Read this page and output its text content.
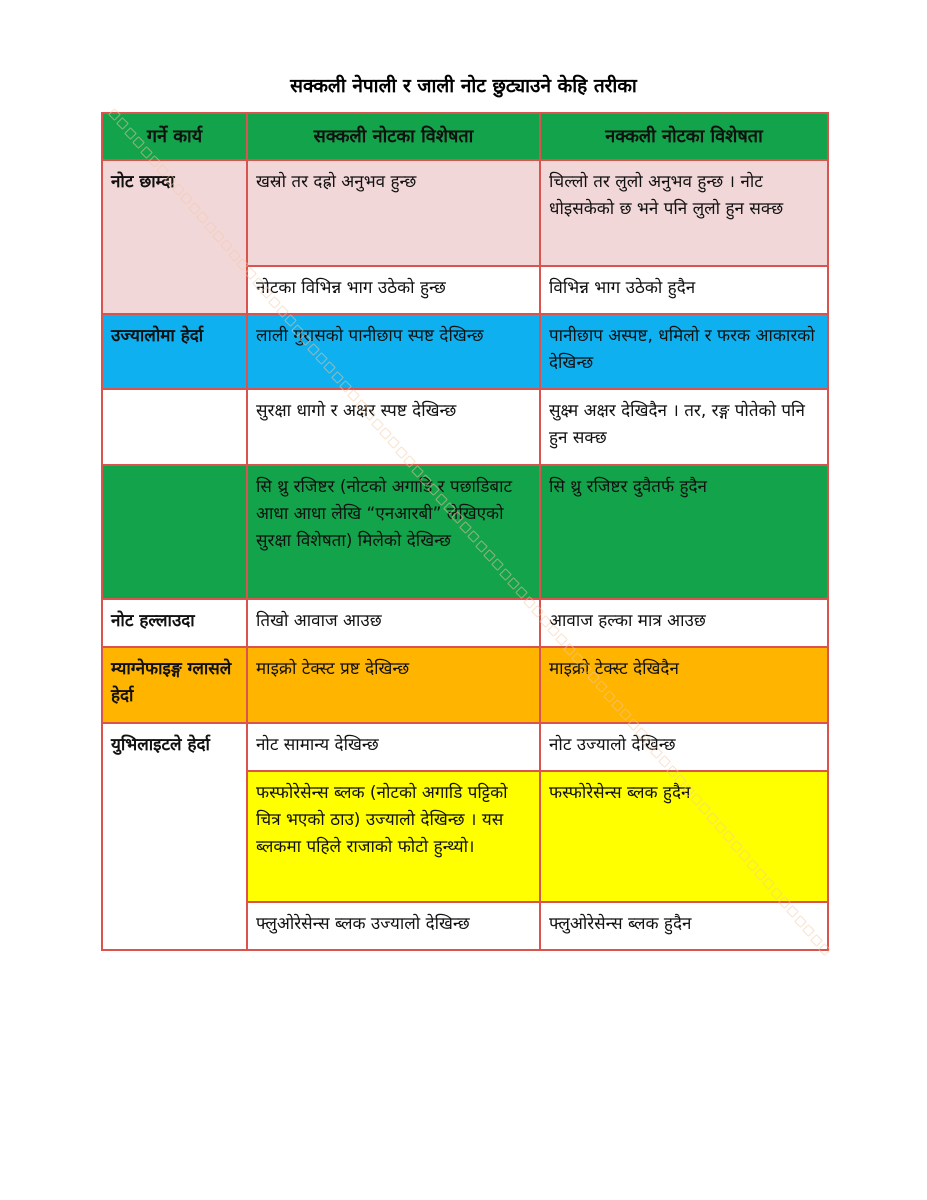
सक्कली नेपाली र जाली नोट छुट्याउने केहि तरीका
गर्ने कार्य	सक्कली नोटका विशेषता	नक्कली नोटका विशेषता
नोट छाम्दा	खस्रो तर दह्रो अनुभव हुन्छ	चिल्लो तर लुलो अनुभव हुन्छ । नोट धोइसकेको छ भने पनि लुलो हुन सक्छ
	नोटका विभिन्न भाग उठेको हुन्छ	विभिन्न भाग उठेको हुदैन
उज्यालोमा हेर्दा	लाली गुरासको पानीछाप स्पष्ट देखिन्छ	पानीछाप अस्पष्ट, धमिलो र फरक आकारको देखिन्छ
	सुरक्षा धागो र अक्षर स्पष्ट देखिन्छ	सुक्ष्म अक्षर देखिदैन । तर, रङ्ग पोतेको पनि हुन सक्छ
	सि थ्रु रजिष्टर (नोटको अगाडि र पछाडिबाट आधा आधा लेखि “एनआरबी” लेखिएको सुरक्षा विशेषता) मिलेको देखिन्छ	सि थ्रु रजिष्टर दुवैतर्फ हुदैन
नोट हल्लाउदा	तिखो आवाज आउछ	आवाज हल्का मात्र आउछ
म्याग्नेफाइङ्ग ग्लासले हेर्दा	माइक्रो टेक्स्ट प्रष्ट देखिन्छ	माइक्रो टेक्स्ट देखिदैन
युभिलाइटले हेर्दा	नोट सामान्य देखिन्छ	नोट उज्यालो देखिन्छ
	फस्फोरेसेन्स ब्लक (नोटको अगाडि पट्टिको चित्र भएको ठाउ) उज्यालो देखिन्छ । यस ब्लकमा पहिले राजाको फोटो हुन्थ्यो।	फस्फोरेसेन्स ब्लक हुदैन
	फ्लुओरेसेन्स ब्लक उज्यालो देखिन्छ	फ्लुओरेसेन्स ब्लक हुदैन
